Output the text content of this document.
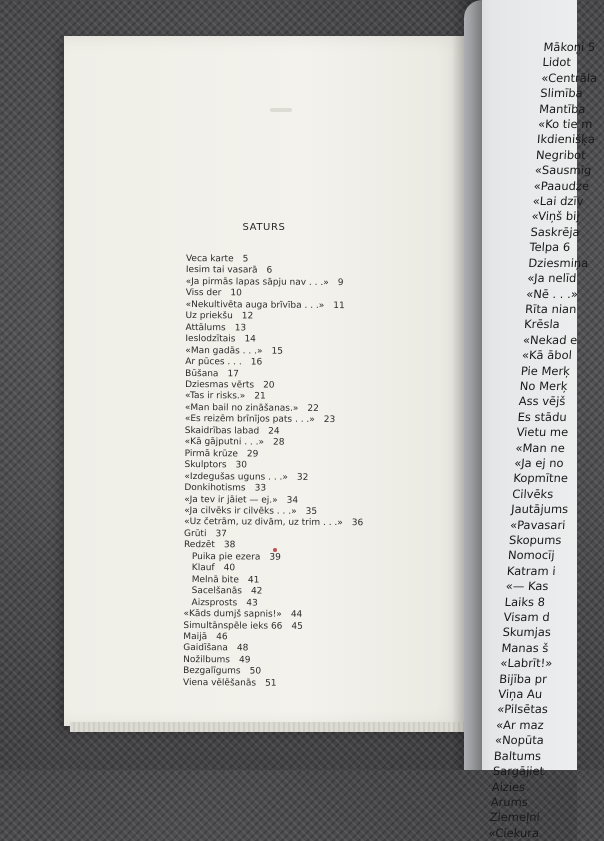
SATURS
Veca karte 5
Iesim tai vasarā 6
«Ja pirmās lapas sāpju nav . . .» 9
Viss der 10
«Nekultivēta auga brīvība . . .» 11
Uz priekšu 12
Attālums 13
Ieslodzītais 14
«Man gadās . . .» 15
Ar pūces . . . 16
Būšana 17
Dziesmas vērts 20
«Tas ir risks.» 21
«Man bail no zināšanas.» 22
«Es reizēm brīnījos pats . . .» 23
Skaidrības labad 24
«Kā gājputni . . .» 28
Pirmā krūze 29
Skulptors 30
«Izdegušas uguns . . .» 32
Donkihotisms 33
«Ja tev ir jāiet — ej.» 34
«Ja cilvēks ir cilvēks . . .» 35
«Uz četrām, uz divām, uz trim . . .» 36
Grūti 37
Redzēt 38
Puika pie ezera 39
Klauf 40
Melnā bite 41
Sacelšanās 42
Aizsprosts 43
«Kāds dumjš sapnis!» 44
Simultānspēle ieks 66 45
Maijā 46
Gaidīšana 48
Nožilbums 49
Bezgalīgums 50
Viena vēlēšanās 51
Mākoņi 5
Lidot
«Centrāla
Slimība
Mantība
«Ko tie m
Ikdienišķa
Negribot
«Sausmīg
«Paaudze
«Lai dzīv
«Viņš bij
Saskrēja
Telpa 6
Dziesmiņa
«Ja nelīd
«Nē . . .»
Rīta nian
Krēsla
«Nekad e
«Kā ābol
Pie Merķ
No Merķ
Ass vējš
Es stādu
Vietu me
«Man ne
«Ja ej no
Kopmītne
Cilvēks
Jautājums
«Pavasari
Skopums
Nomocīj
Katram i
«— Kas
Laiks 8
Visam d
Skumjas
Manas š
«Labrīt!»
Bijība pr
Viņa Au
«Pilsētas
«Ar maz
«Nopūta
Baltums
Sargājiet
Aizies
Arums
Ziemeļni
«Ciekura
